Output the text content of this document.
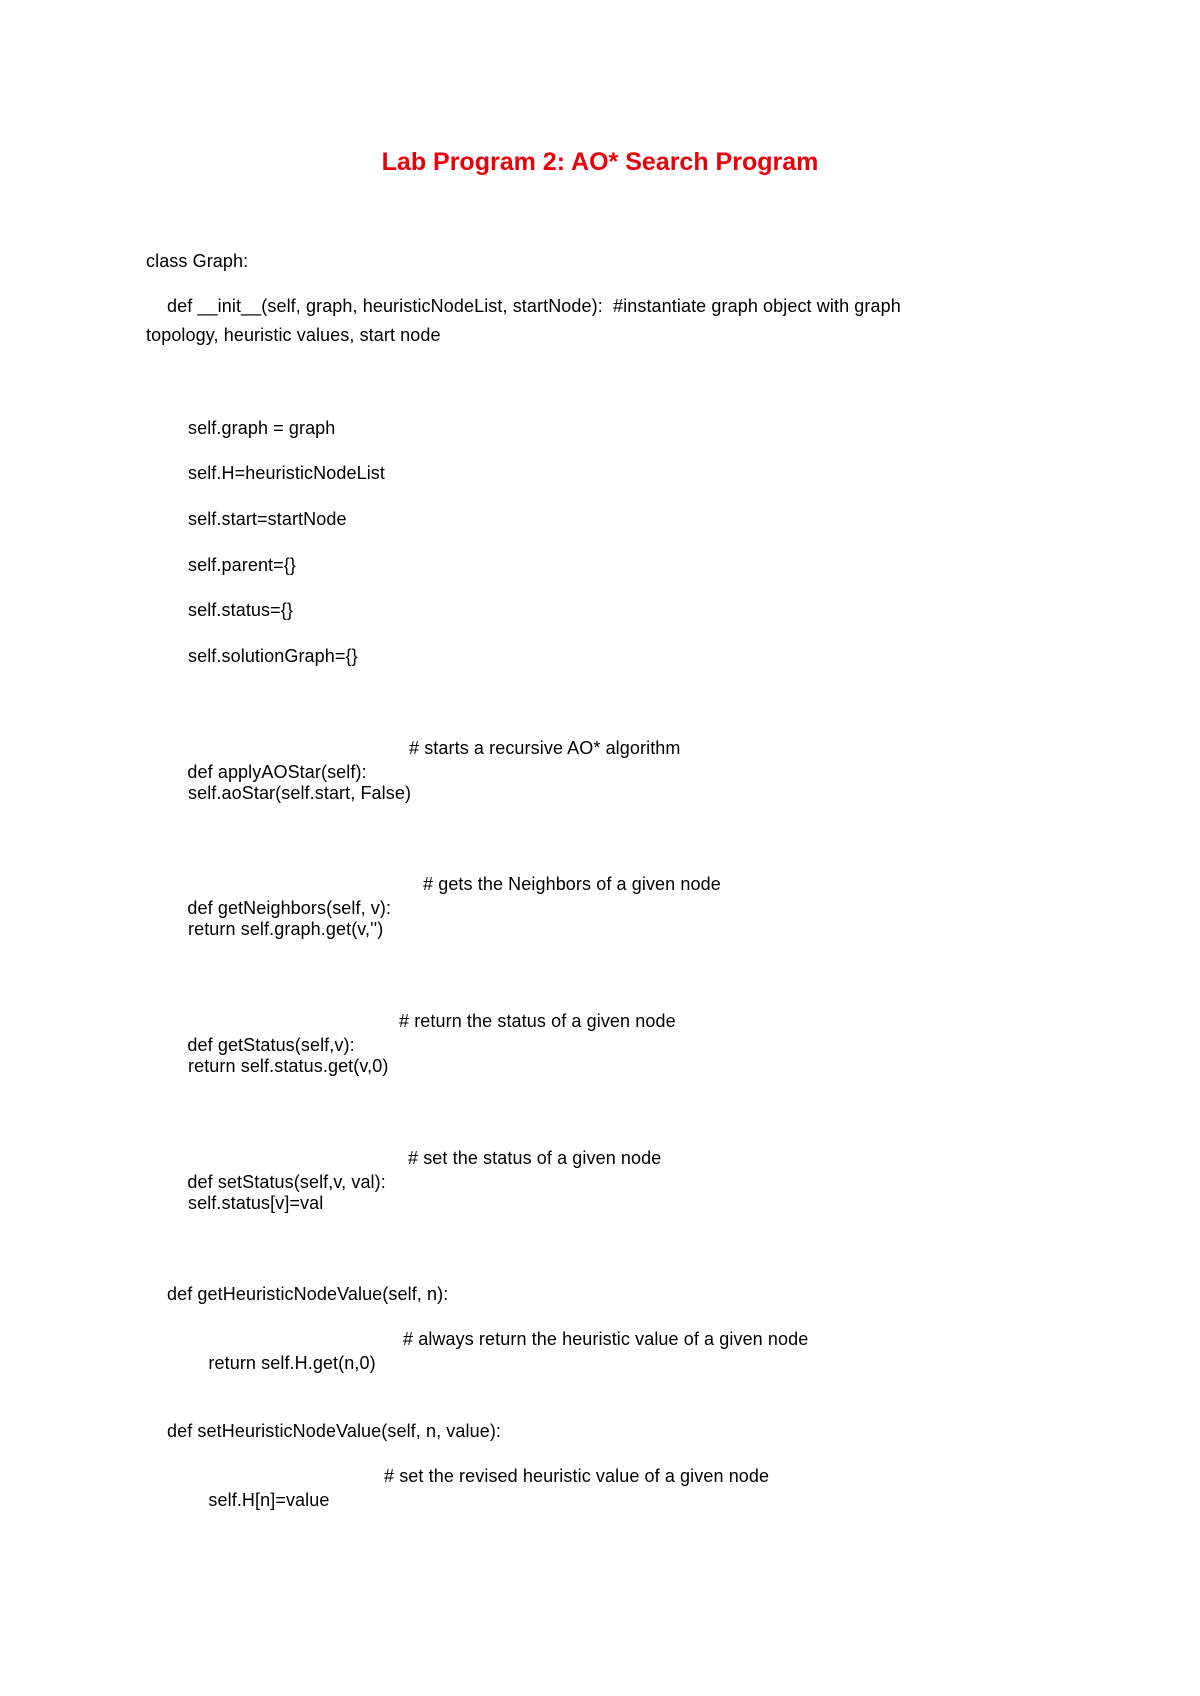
Lab Program 2: AO* Search Program
class Graph:
def __init__(self, graph, heuristicNodeList, startNode):  #instantiate graph object with graph
topology, heuristic values, start node
self.graph = graph
self.H=heuristicNodeList
self.start=startNode
self.parent={}
self.status={}
self.solutionGraph={}

def applyAOStar(self):

# starts a recursive AO* algorithm

self.aoStar(self.start, False)

def getNeighbors(self, v):

# gets the Neighbors of a given node

return self.graph.get(v,'')

def getStatus(self,v):

# return the status of a given node

return self.status.get(v,0)

def setStatus(self,v, val):

# set the status of a given node

self.status[v]=val
def getHeuristicNodeValue(self, n):

return self.H.get(n,0)

# always return the heuristic value of a given node

def setHeuristicNodeValue(self, n, value):

self.H[n]=value

# set the revised heuristic value of a given node
